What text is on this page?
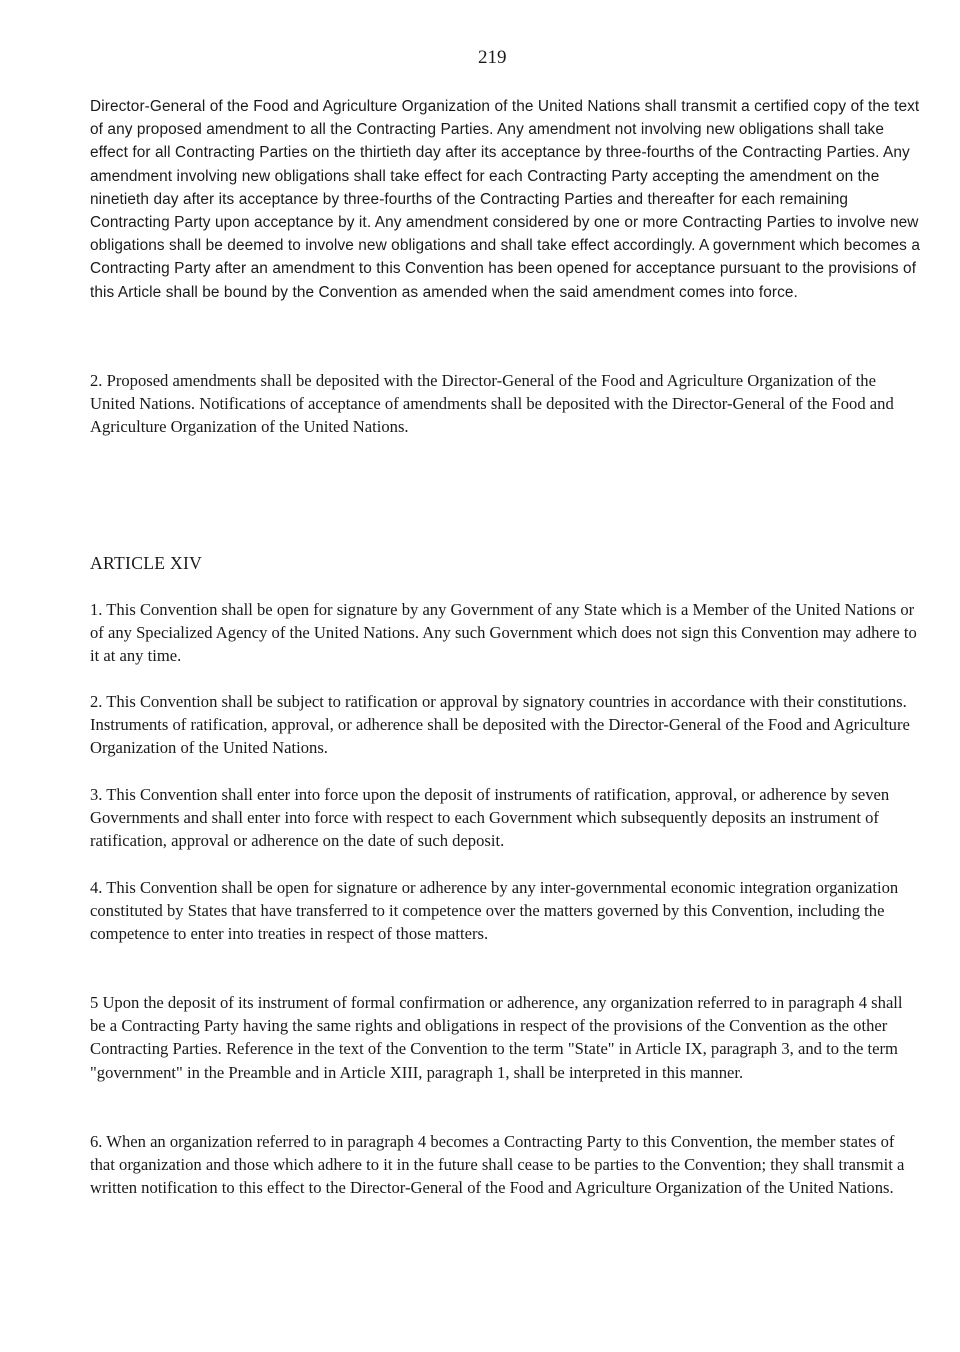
219

Director-General of the Food and Agriculture Organization of the United Nations shall transmit a certified copy of the text of any proposed amendment to all the Contracting Parties. Any amendment not involving new obligations shall take effect for all Contracting Parties on the thirtieth day after its acceptance by three-fourths of the Contracting Parties. Any amendment involving new obligations shall take effect for each Contracting Party accepting the amendment on the ninetieth day after its acceptance by three-fourths of the Contracting Parties and thereafter for each remaining Contracting Party upon acceptance by it. Any amendment considered by one or more Contracting Parties to involve new obligations shall be deemed to involve new obligations and shall take effect accordingly. A government which becomes a Contracting Party after an amendment to this Convention has been opened for acceptance pursuant to the provisions of this Article shall be bound by the Convention as amended when the said amendment comes into force.

2. Proposed amendments shall be deposited with the Director-General of the Food and Agriculture Organization of the United Nations. Notifications of acceptance of amendments shall be deposited with the Director-General of the Food and Agriculture Organization of the United Nations.

ARTICLE XIV

1. This Convention shall be open for signature by any Government of any State which is a Member of the United Nations or of any Specialized Agency of the United Nations. Any such Government which does not sign this Convention may adhere to it at any time.

2. This Convention shall be subject to ratification or approval by signatory countries in accordance with their constitutions. Instruments of ratification, approval, or adherence shall be deposited with the Director-General of the Food and Agriculture Organization of the United Nations.

3. This Convention shall enter into force upon the deposit of instruments of ratification, approval, or adherence by seven Governments and shall enter into force with respect to each Government which subsequently deposits an instrument of ratification, approval or adherence on the date of such deposit.

4. This Convention shall be open for signature or adherence by any inter-governmental economic integration organization constituted by States that have transferred to it competence over the matters governed by this Convention, including the competence to enter into treaties in respect of those matters.

5 Upon the deposit of its instrument of formal confirmation or adherence, any organization referred to in paragraph 4 shall be a Contracting Party having the same rights and obligations in respect of the provisions of the Convention as the other Contracting Parties. Reference in the text of the Convention to the term "State" in Article IX, paragraph 3, and to the term "government" in the Preamble and in Article XIII, paragraph 1, shall be interpreted in this manner.

6. When an organization referred to in paragraph 4 becomes a Contracting Party to this Convention, the member states of that organization and those which adhere to it in the future shall cease to be parties to the Convention; they shall transmit a written notification to this effect to the Director-General of the Food and Agriculture Organization of the United Nations.
